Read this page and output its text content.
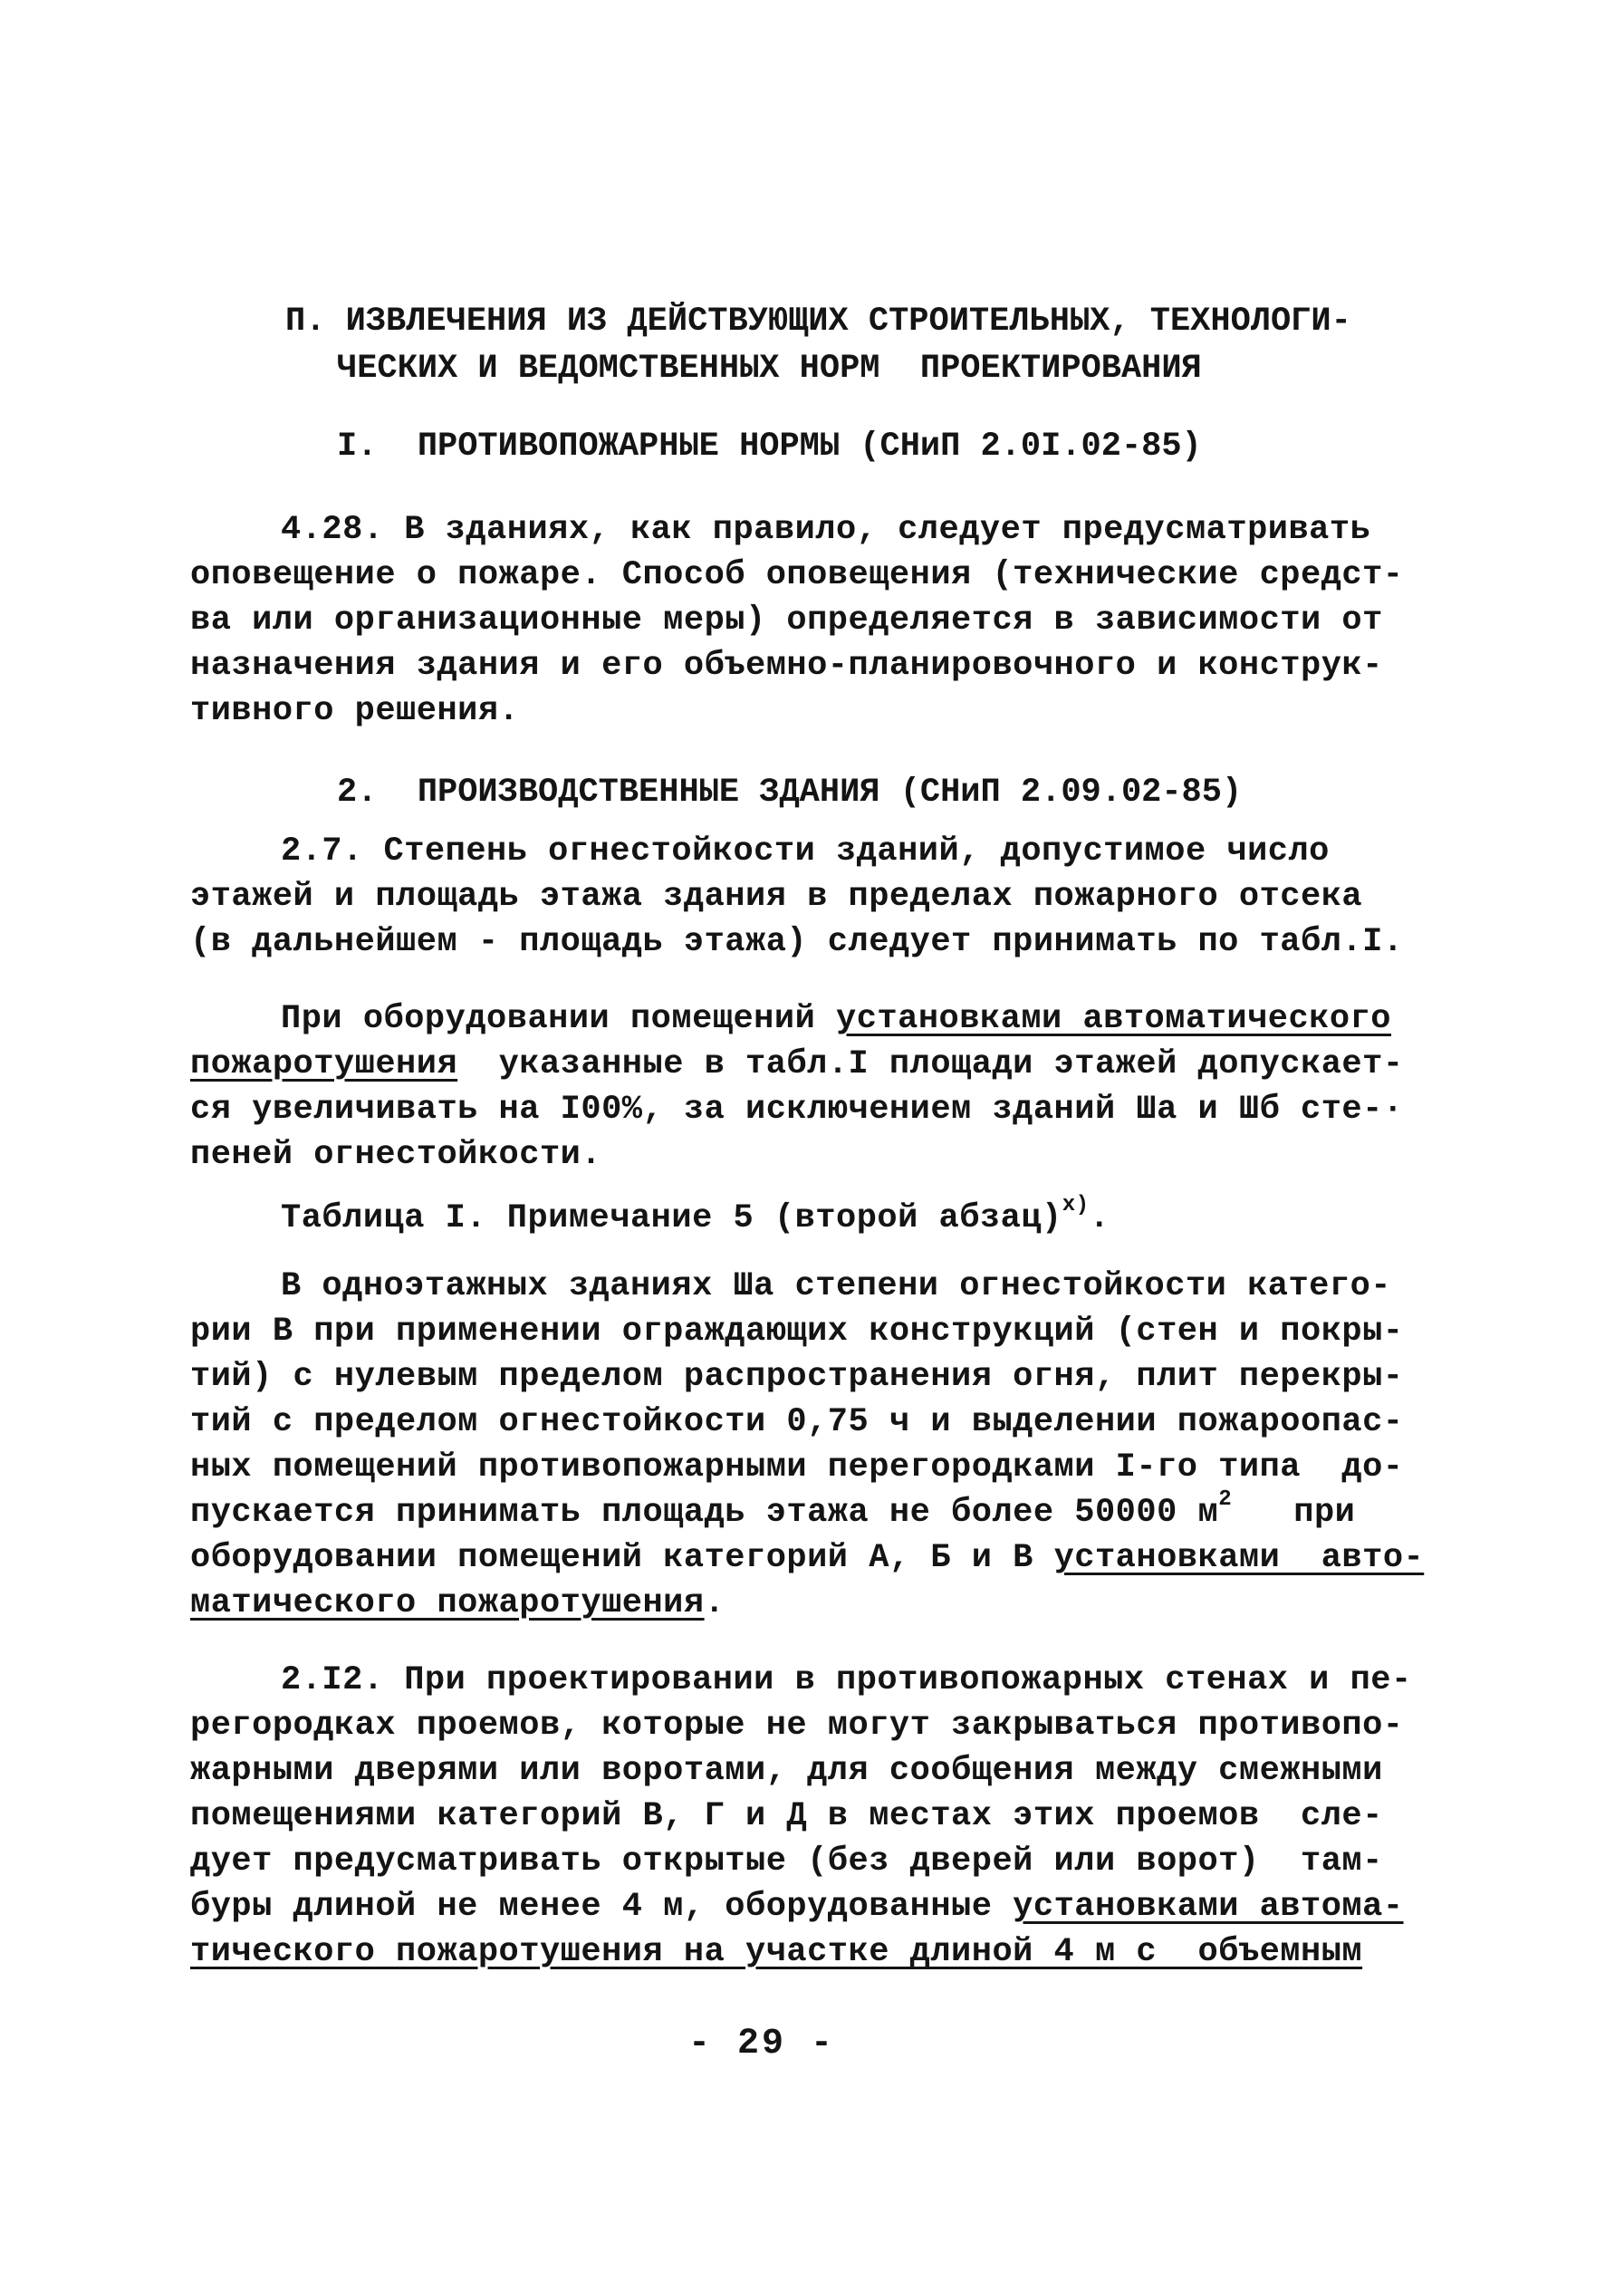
П. ИЗВЛЕЧЕНИЯ ИЗ ДЕЙСТВУЮЩИХ СТРОИТЕЛЬНЫХ, ТЕХНОЛОГИ-
ЧЕСКИХ И ВЕДОМСТВЕННЫХ НОРМ  ПРОЕКТИРОВАНИЯ
I.  ПРОТИВОПОЖАРНЫЕ НОРМЫ (СНиП 2.0I.02-85)
4.28. В зданиях, как правило, следует предусматривать
оповещение о пожаре. Способ оповещения (технические средст-
ва или организационные меры) определяется в зависимости от
назначения здания и его объемно-планировочного и конструк-
тивного решения.
2.  ПРОИЗВОДСТВЕННЫЕ ЗДАНИЯ (СНиП 2.09.02-85)
2.7. Степень огнестойкости зданий, допустимое число
этажей и площадь этажа здания в пределах пожарного отсека
(в дальнейшем - площадь этажа) следует принимать по табл.I.
При оборудовании помещений установками автоматического
пожаротушения  указанные в табл.I площади этажей допускает-
ся увеличивать на I00%, за исключением зданий Ша и Шб сте-·
пеней огнестойкости.
Таблица I. Примечание 5 (второй абзац)$^{х)}$.
В одноэтажных зданиях Ша степени огнестойкости катего-
рии В при применении ограждающих конструкций (стен и покры-
тий) с нулевым пределом распространения огня, плит перекры-
тий с пределом огнестойкости 0,75 ч и выделении пожароопас-
ных помещений противопожарными перегородками I-го типа  до-
пускается принимать площадь этажа не более 50000 $м^2$   при
оборудовании помещений категорий А, Б и В установками  авто-
матического пожаротушения.
2.I2. При проектировании в противопожарных стенах и пе-
регородках проемов, которые не могут закрываться противопо-
жарными дверями или воротами, для сообщения между смежными
помещениями категорий В, Г и Д в местах этих проемов  сле-
дует предусматривать открытые (без дверей или ворот)  там-
буры длиной не менее 4 м, оборудованные установками автома-
тического пожаротушения на участке длиной 4 м с  объемным
- 29 -
